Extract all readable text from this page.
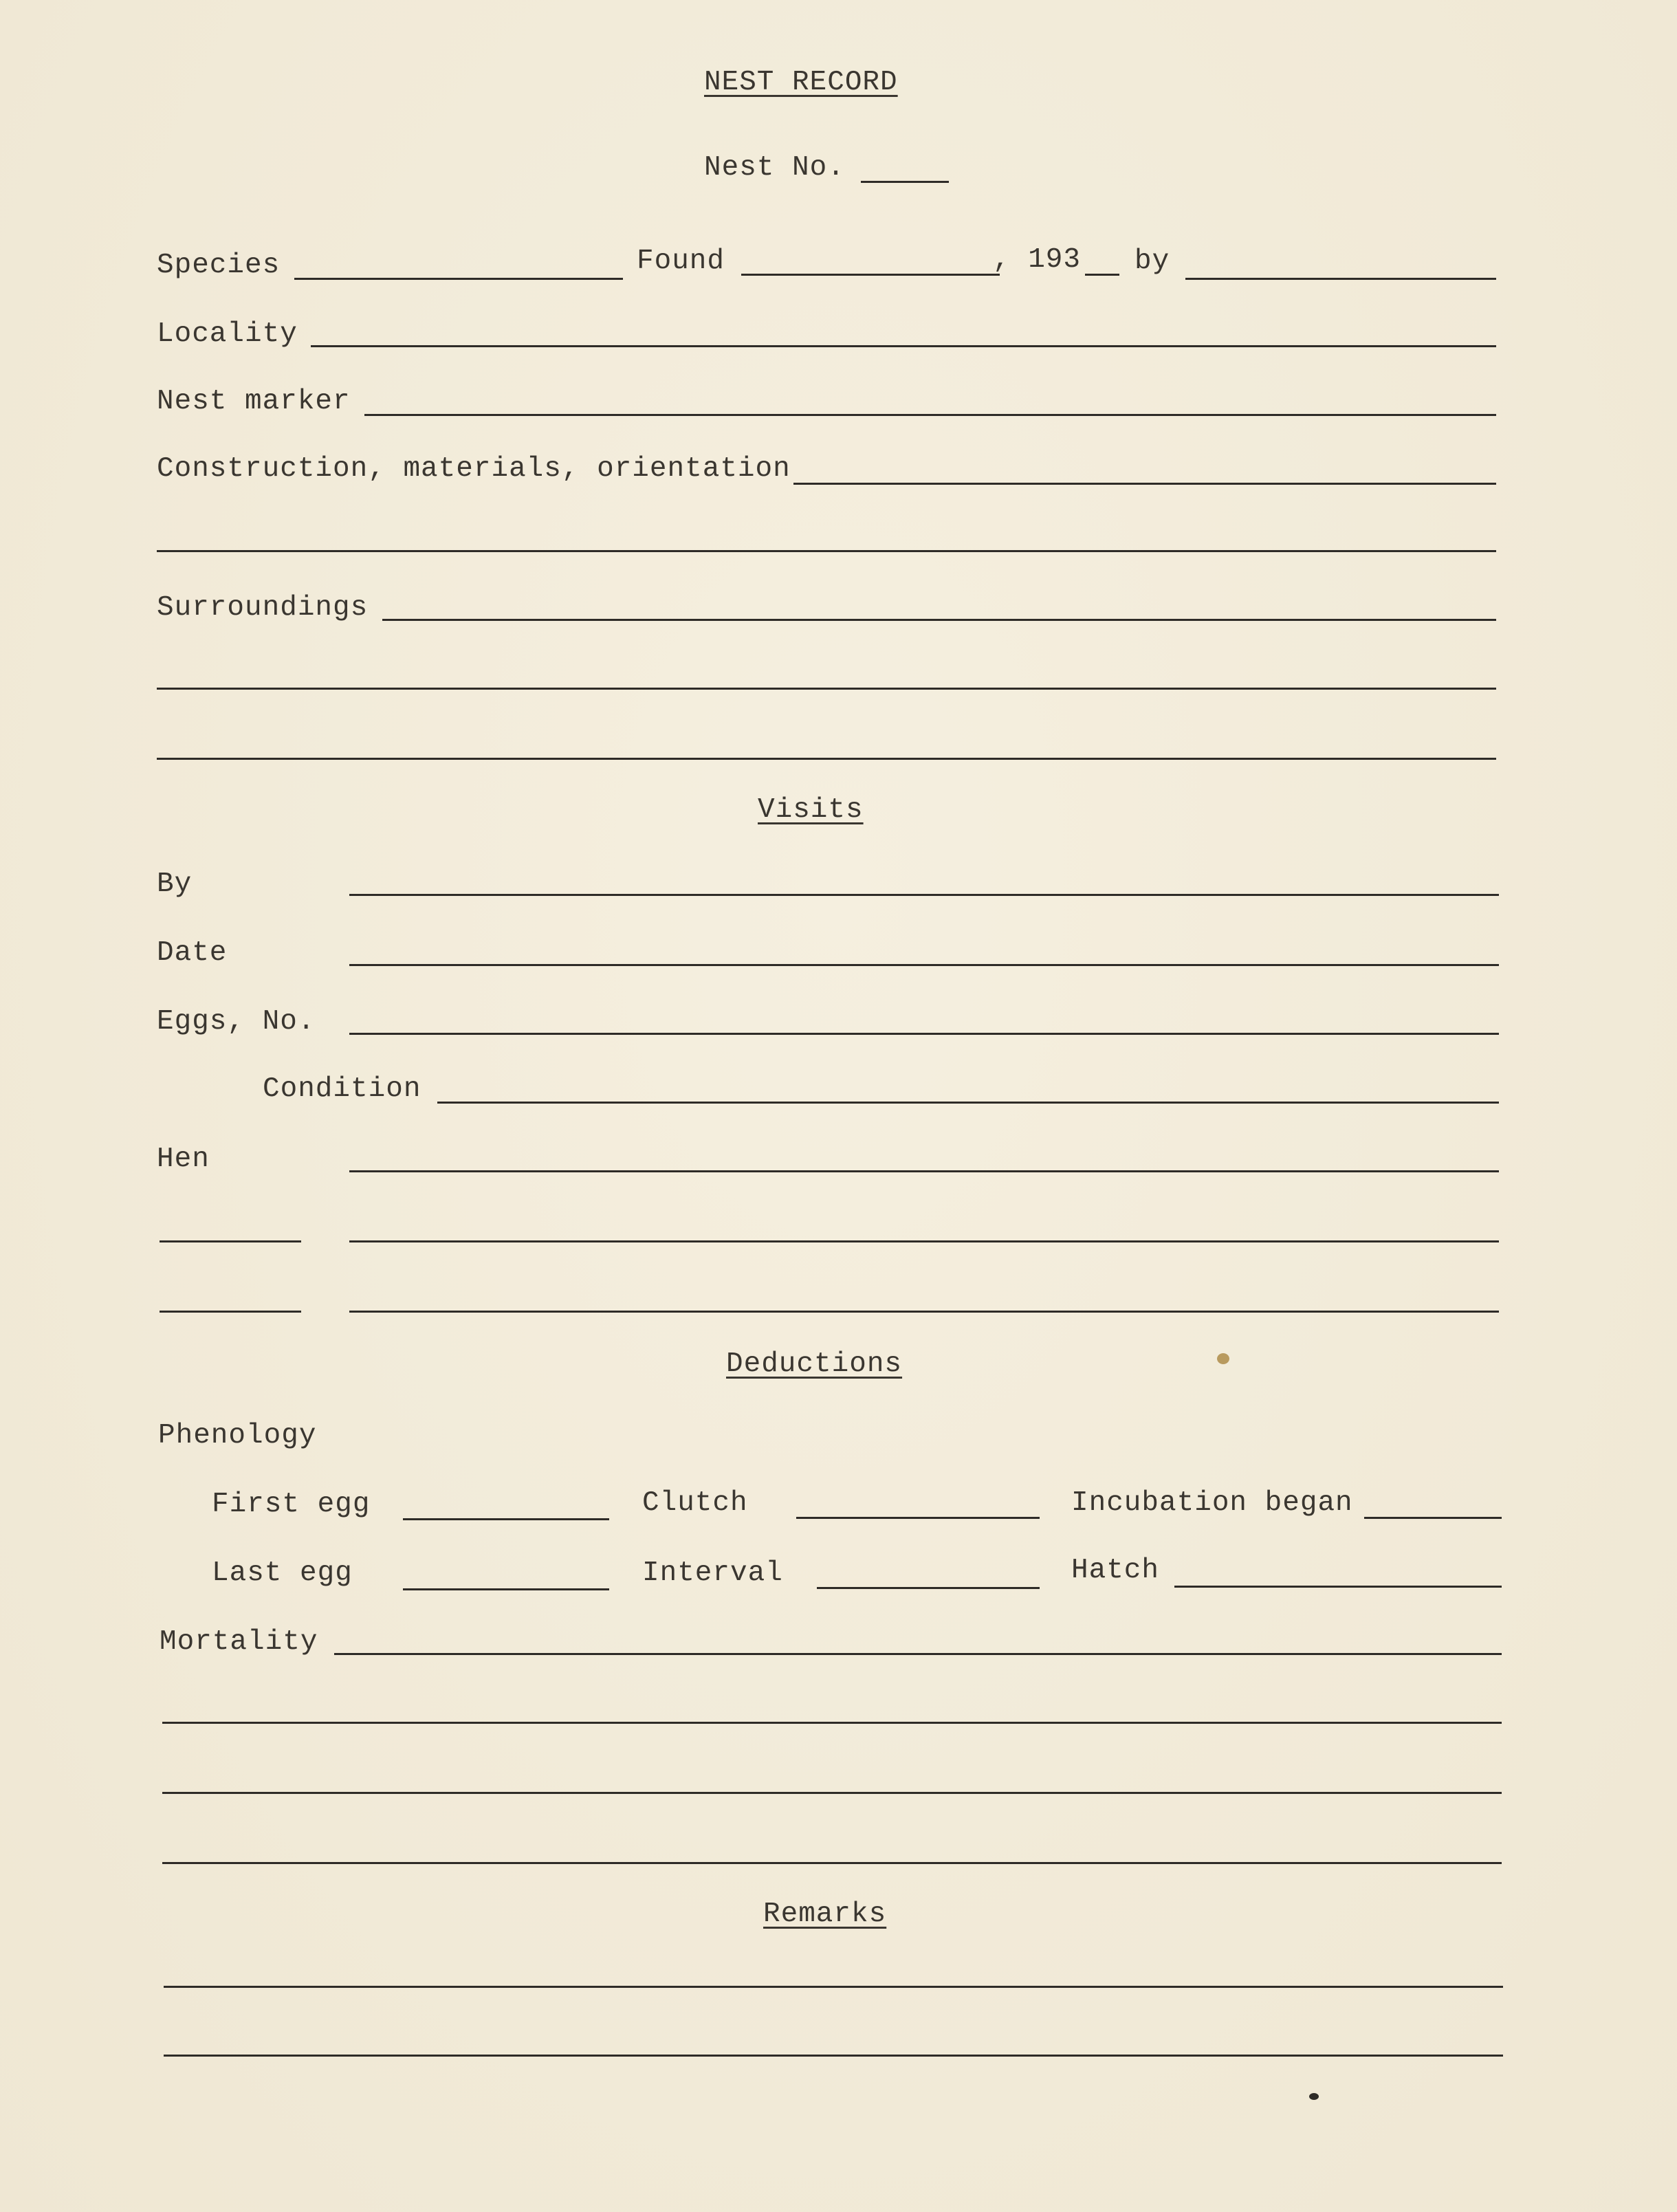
NEST RECORD
Nest No.
Species	Found	, 193 by
Locality
Nest marker
Construction, materials, orientation
Surroundings
Visits
By
Date
Eggs, No.
Condition
Hen
Deductions
Phenology
First egg	Clutch	Incubation began
Last egg	Interval	Hatch
Mortality
Remarks
